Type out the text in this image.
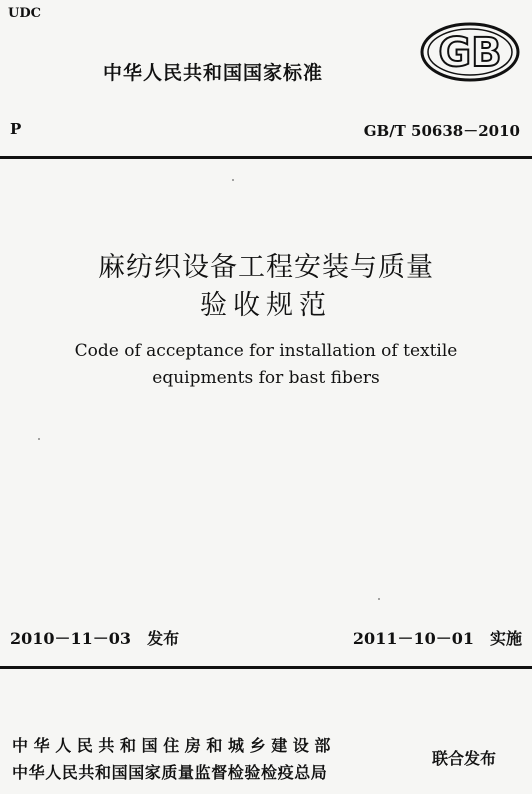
UDC
中华人民共和国国家标准	GB
P	GB/T 50638－2010
麻纺织设备工程安装与质量
验收规范
Code of acceptance for installation of textile
equipments for bast fibers
2010－11－03　发布	2011－10－01　实施
中华人民共和国住房和城乡建设部
中华人民共和国国家质量监督检验检疫总局
联合发布
